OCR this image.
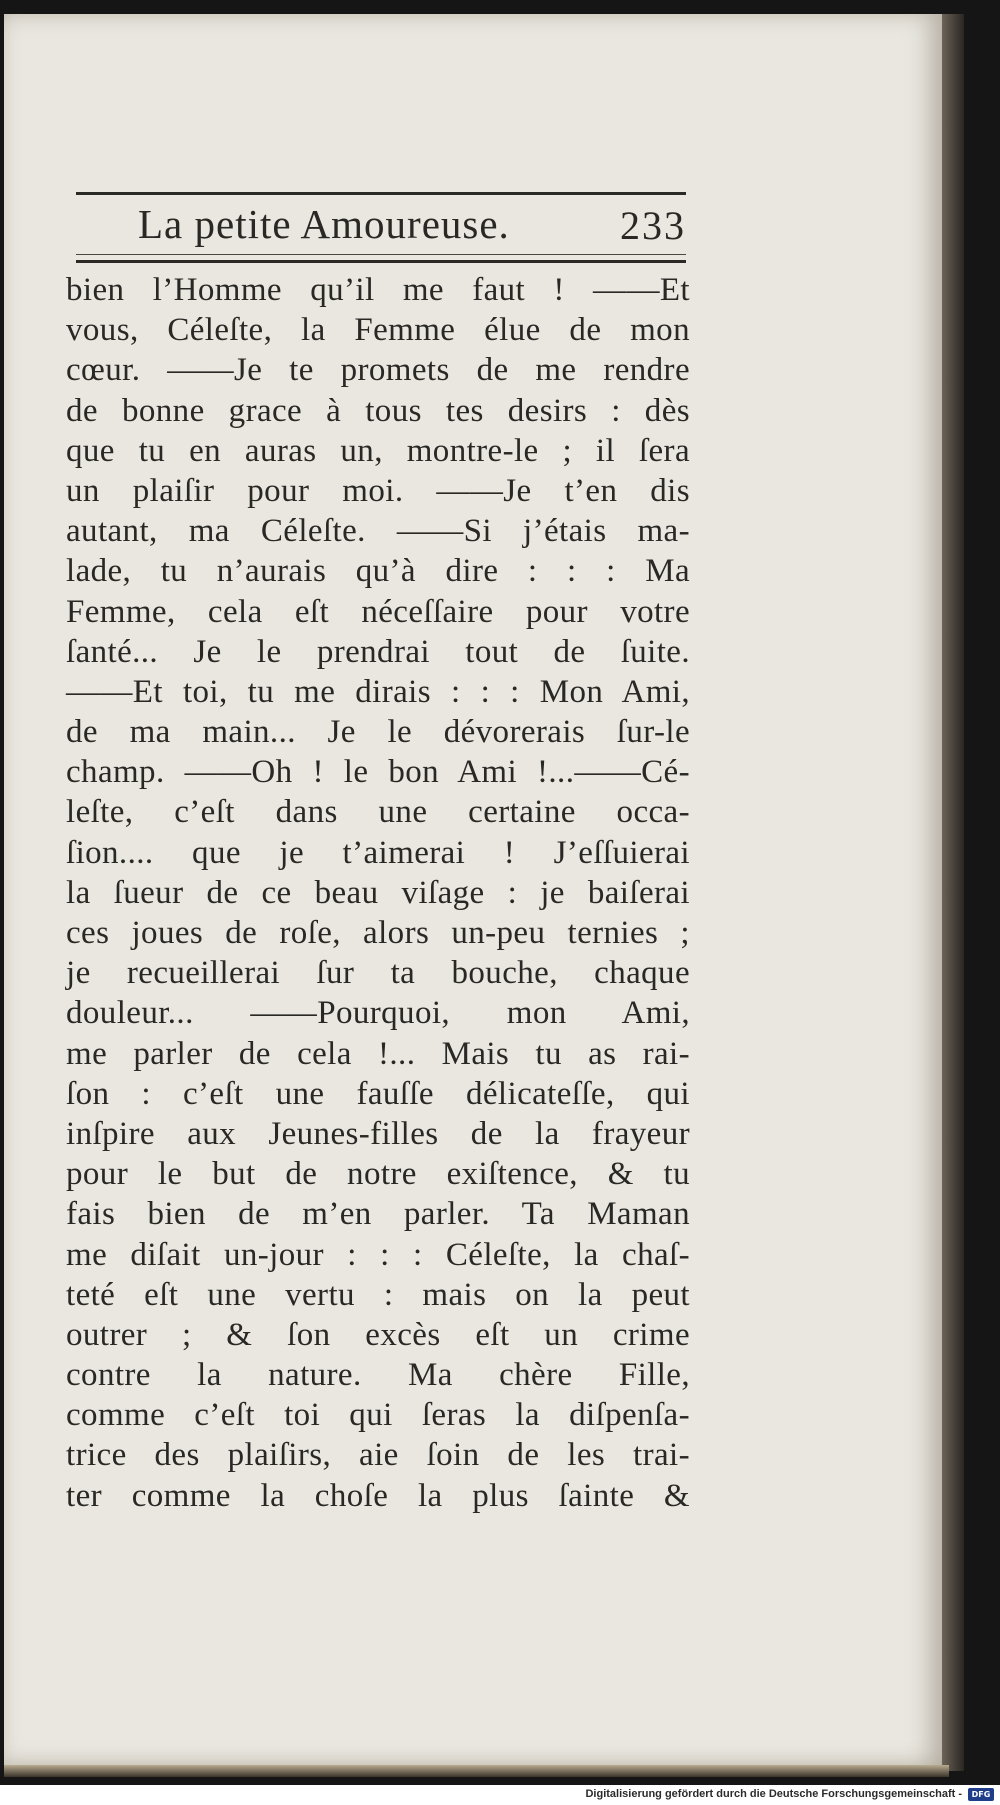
La petite Amoureuse.	233
bien l’Homme qu’il me faut ! ——Et
vous, Céleſte, la Femme élue de mon
cœur. ——Je te promets de me rendre
de bonne grace à tous tes desirs : dès
que tu en auras un, montre-le ; il ſera
un plaiſir pour moi. ——Je t’en dis
autant, ma Céleſte. ——Si j’étais ma-
lade, tu n’aurais qu’à dire : : : Ma
Femme, cela eſt néceſſaire pour votre
ſanté... Je le prendrai tout de ſuite.
——Et toi, tu me dirais : : : Mon Ami,
de ma main... Je le dévorerais ſur-le
champ. ——Oh ! le bon Ami !...——Cé-
leſte, c’eſt dans une certaine occa-
ſion.... que je t’aimerai ! J’eſſuierai
la ſueur de ce beau viſage : je baiſerai
ces joues de roſe, alors un-peu ternies ;
je recueillerai ſur ta bouche, chaque
douleur... ——Pourquoi, mon Ami,
me parler de cela !... Mais tu as rai-
ſon : c’eſt une fauſſe délicateſſe, qui
inſpire aux Jeunes-filles de la frayeur
pour le but de notre exiſtence, & tu
fais bien de m’en parler. Ta Maman
me diſait un-jour : : : Céleſte, la chaſ-
teté eſt une vertu : mais on la peut
outrer ; & ſon excès eſt un crime
contre la nature. Ma chère Fille,
comme c’eſt toi qui ſeras la diſpenſa-
trice des plaiſirs, aie ſoin de les trai-
ter comme la choſe la plus ſainte &
Digitalisierung gefördert durch die Deutsche Forschungsgemeinschaft -	DFG
